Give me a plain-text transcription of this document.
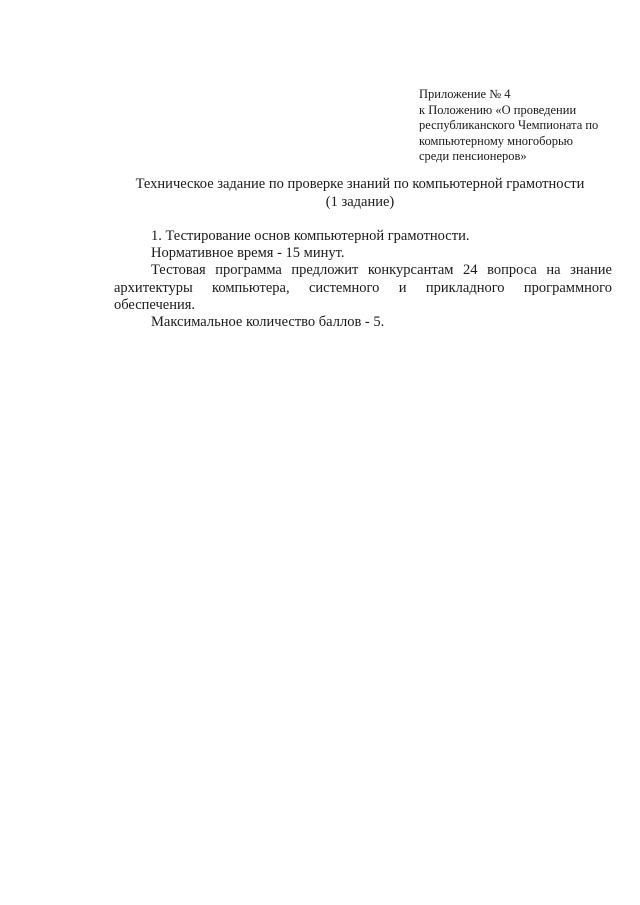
Приложение № 4
к Положению «О проведении
республиканского Чемпионата по
компьютерному многоборью
среди пенсионеров»
Техническое задание по проверке знаний по компьютерной грамотности
(1 задание)

1. Тестирование основ компьютерной грамотности.

Нормативное время - 15 минут.

Тестовая программа предложит конкурсантам 24 вопроса на знание архитектуры компьютера, системного и прикладного программного обеспечения.

Максимальное количество баллов - 5.
